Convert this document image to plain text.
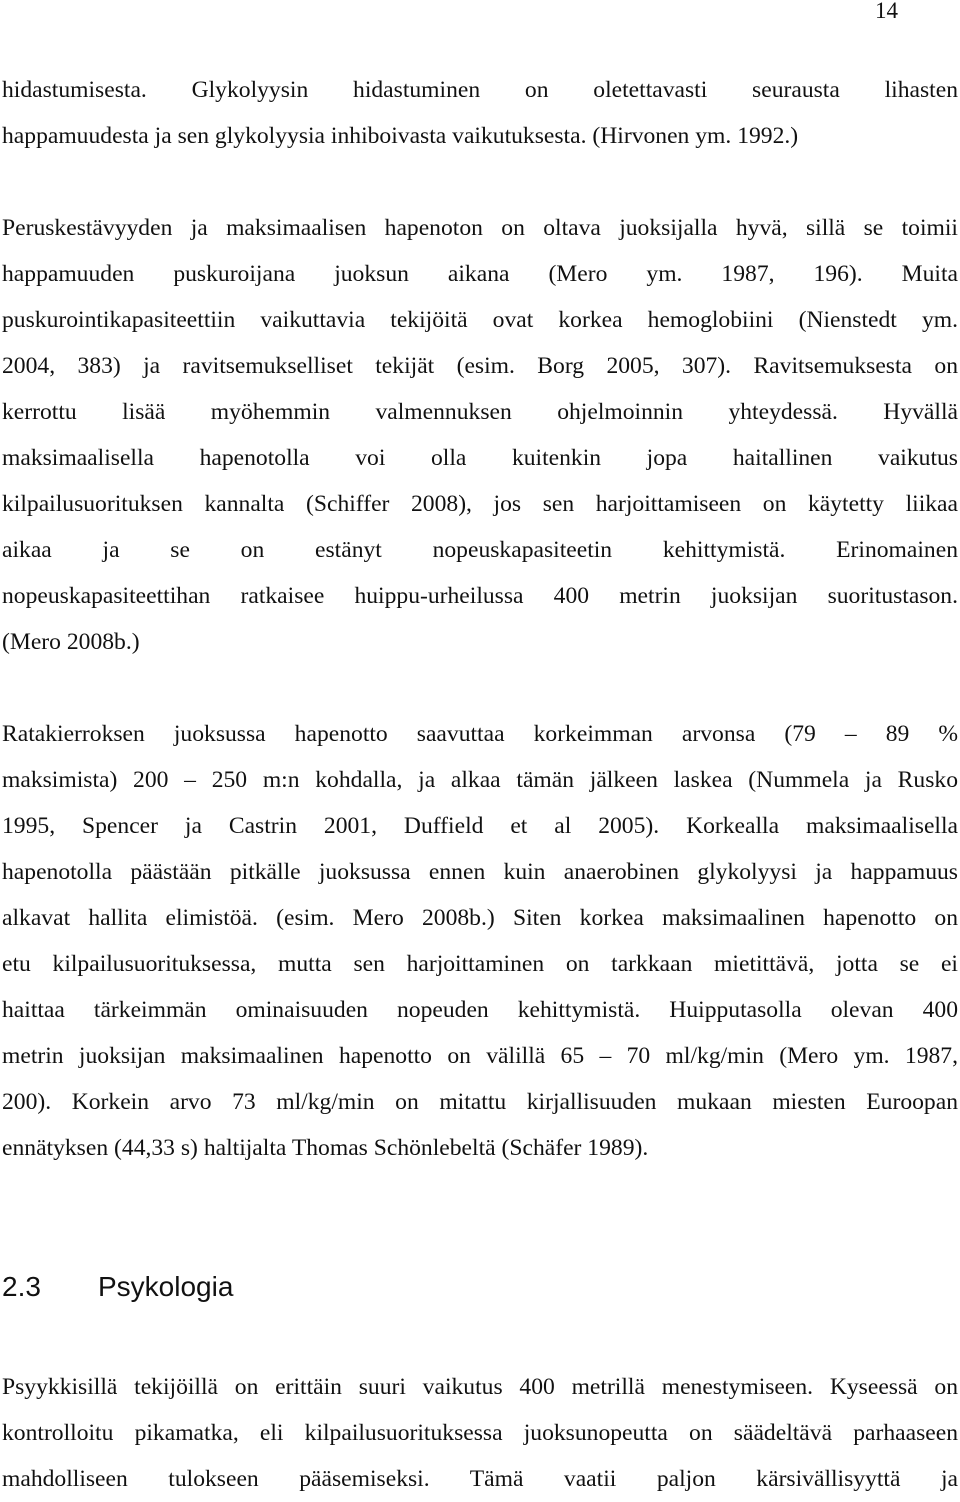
14

hidastumisesta. Glykolyysin hidastuminen on oletettavasti seurausta lihasten
happamuudesta ja sen glykolyysia inhiboivasta vaikutuksesta. (Hirvonen ym. 1992.)

Peruskestävyyden ja maksimaalisen hapenoton on oltava juoksijalla hyvä, sillä se toimii
happamuuden puskuroijana juoksun aikana (Mero ym. 1987, 196). Muita
puskurointikapasiteettiin vaikuttavia tekijöitä ovat korkea hemoglobiini (Nienstedt ym.
2004, 383) ja ravitsemukselliset tekijät (esim. Borg 2005, 307). Ravitsemuksesta on
kerrottu lisää myöhemmin valmennuksen ohjelmoinnin yhteydessä. Hyvällä
maksimaalisella hapenotolla voi olla kuitenkin jopa haitallinen vaikutus
kilpailusuorituksen kannalta (Schiffer 2008), jos sen harjoittamiseen on käytetty liikaa
aikaa ja se on estänyt nopeuskapasiteetin kehittymistä. Erinomainen
nopeuskapasiteettihan ratkaisee huippu-urheilussa 400 metrin juoksijan suoritustason.
(Mero 2008b.)

Ratakierroksen juoksussa hapenotto saavuttaa korkeimman arvonsa (79 – 89 %
maksimista) 200 – 250 m:n kohdalla, ja alkaa tämän jälkeen laskea (Nummela ja Rusko
1995, Spencer ja Castrin 2001, Duffield et al 2005). Korkealla maksimaalisella
hapenotolla päästään pitkälle juoksussa ennen kuin anaerobinen glykolyysi ja happamuus
alkavat hallita elimistöä. (esim. Mero 2008b.) Siten korkea maksimaalinen hapenotto on
etu kilpailusuorituksessa, mutta sen harjoittaminen on tarkkaan mietittävä, jotta se ei
haittaa tärkeimmän ominaisuuden nopeuden kehittymistä. Huipputasolla olevan 400
metrin juoksijan maksimaalinen hapenotto on välillä 65 – 70 ml/kg/min (Mero ym. 1987,
200). Korkein arvo 73 ml/kg/min on mitattu kirjallisuuden mukaan miesten Euroopan
ennätyksen (44,33 s) haltijalta Thomas Schönlebeltä (Schäfer 1989).

2.3 Psykologia

Psyykkisillä tekijöillä on erittäin suuri vaikutus 400 metrillä menestymiseen. Kyseessä on
kontrolloitu pikamatka, eli kilpailusuorituksessa juoksunopeutta on säädeltävä parhaaseen
mahdolliseen tulokseen pääsemiseksi. Tämä vaatii paljon kärsivällisyyttä ja
